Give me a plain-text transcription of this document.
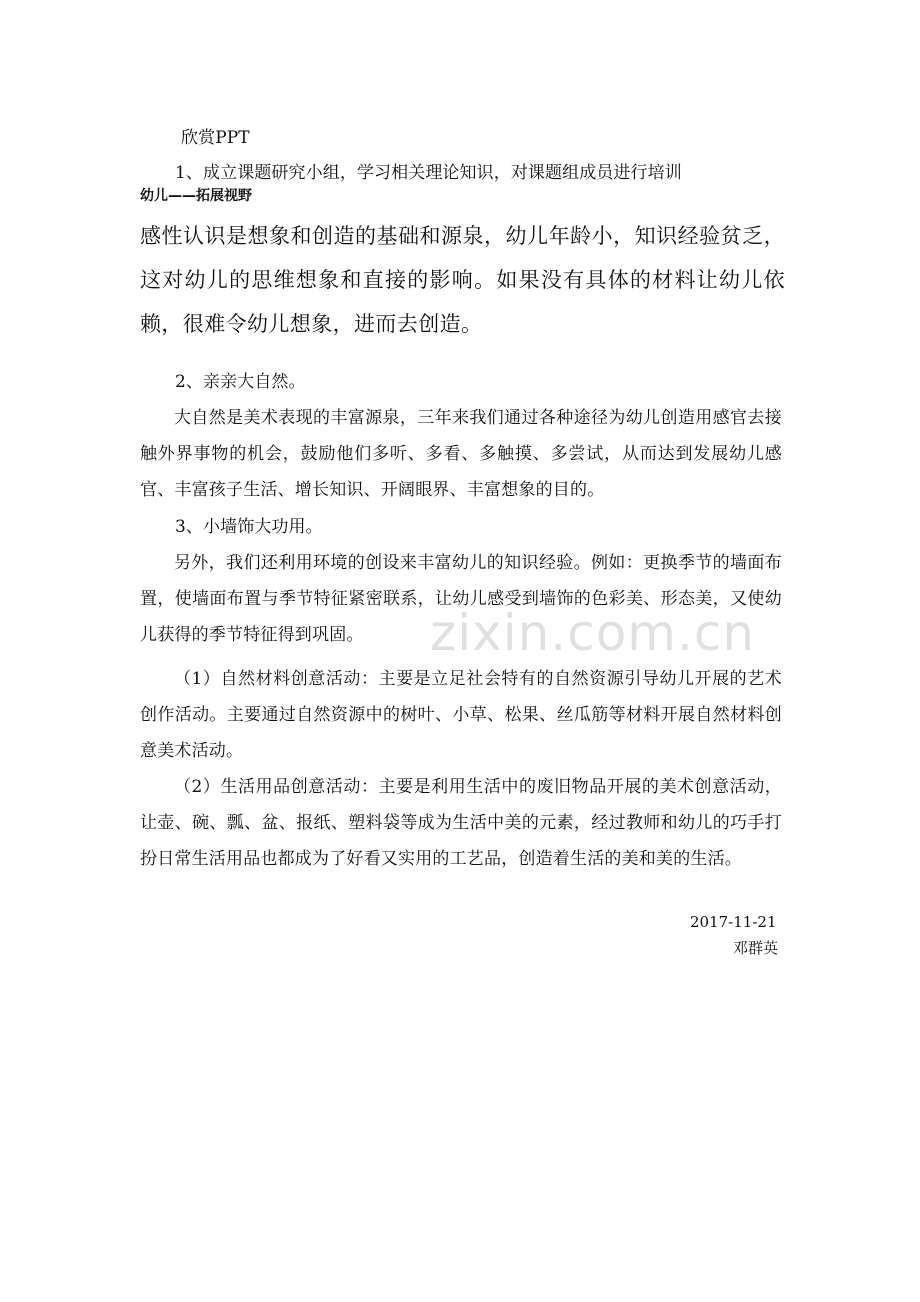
欣赏PPT
1、成立课题研究小组，学习相关理论知识，对课题组成员进行培训
幼儿——拓展视野
感性认识是想象和创造的基础和源泉，幼儿年龄小，知识经验贫乏，这对幼儿的思维想象和直接的影响。如果没有具体的材料让幼儿依赖，很难令幼儿想象，进而去创造。
2、亲亲大自然。
大自然是美术表现的丰富源泉，三年来我们通过各种途径为幼儿创造用感官去接触外界事物的机会，鼓励他们多听、多看、多触摸、多尝试，从而达到发展幼儿感官、丰富孩子生活、增长知识、开阔眼界、丰富想象的目的。
3、小墙饰大功用。
另外，我们还利用环境的创设来丰富幼儿的知识经验。例如：更换季节的墙面布置，使墙面布置与季节特征紧密联系，让幼儿感受到墙饰的色彩美、形态美，又使幼儿获得的季节特征得到巩固。
（1）自然材料创意活动：主要是立足社会特有的自然资源引导幼儿开展的艺术创作活动。主要通过自然资源中的树叶、小草、松果、丝瓜筋等材料开展自然材料创意美术活动。
（2）生活用品创意活动：主要是利用生活中的废旧物品开展的美术创意活动，让壶、碗、瓢、盆、报纸、塑料袋等成为生活中美的元素，经过教师和幼儿的巧手打扮日常生活用品也都成为了好看又实用的工艺品，创造着生活的美和美的生活。
2017-11-21
邓群英
zixin.com.cn
